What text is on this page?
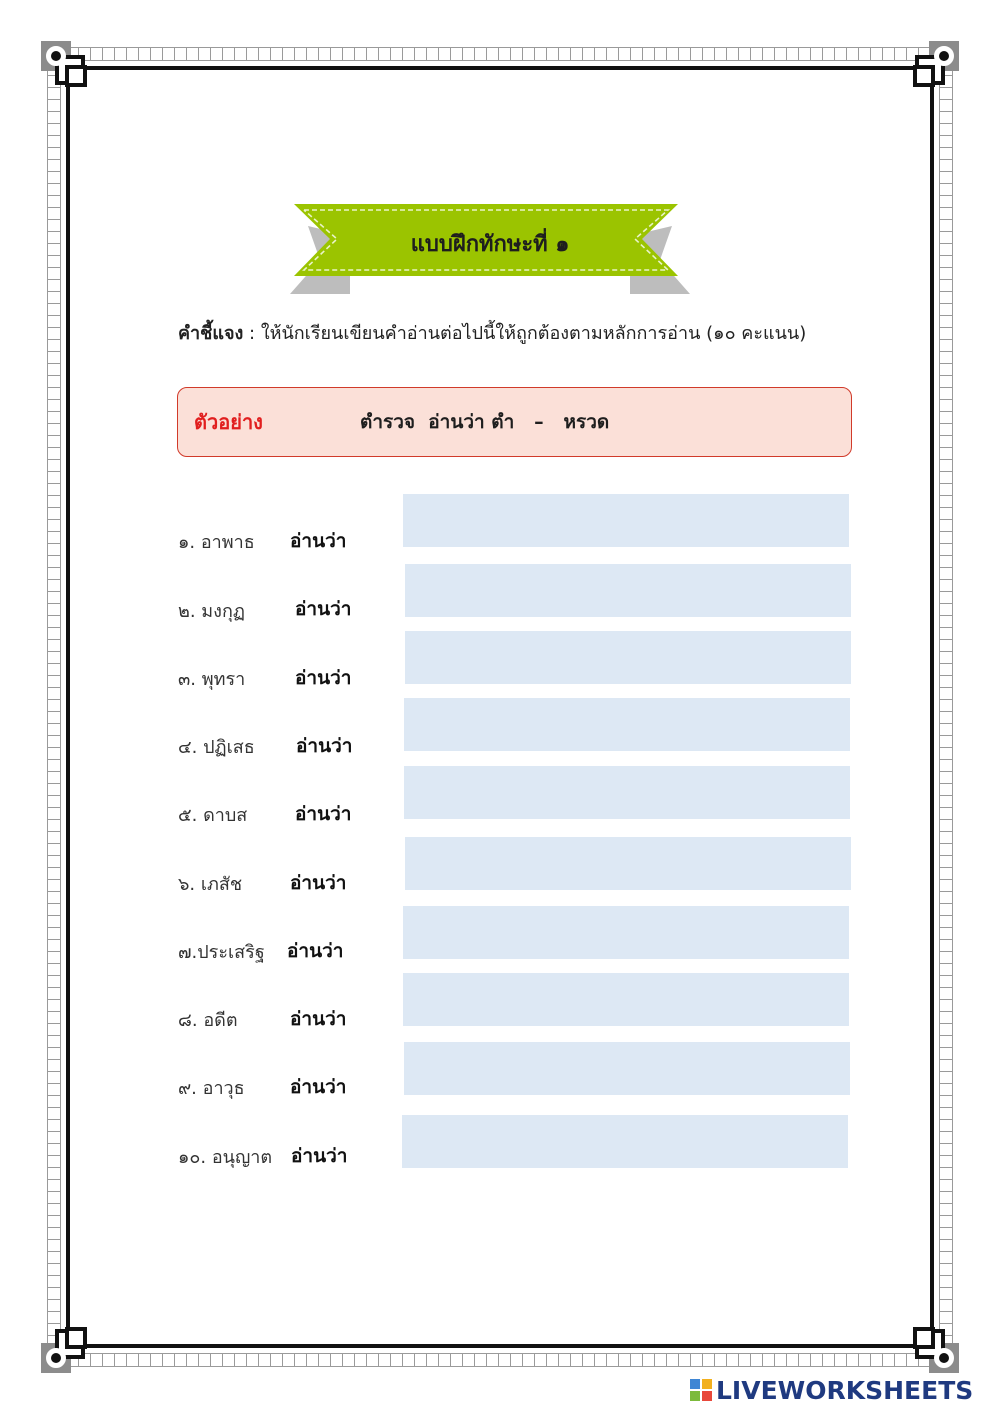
แบบฝึกทักษะที่ ๑
คำชี้แจง : ให้นักเรียนเขียนคำอ่านต่อไปนี้ให้ถูกต้องตามหลักการอ่าน (๑๐ คะแนน)
ตัวอย่าง	ตำรวจ  อ่านว่า ตำ   –   หรวด
๑. อาพาธ อ่านว่า
๒. มงกุฏ	อ่านว่า
๓. พุทรา	อ่านว่า
๔. ปฏิเสธ อ่านว่า
๕. ดาบส	อ่านว่า
๖. เภสัช	อ่านว่า
๗.ประเสริฐ อ่านว่า
๘. อดีต	อ่านว่า
๙. อาวุธ อ่านว่า
๑๐. อนุญาต อ่านว่า
LIVEWORKSHEETS
